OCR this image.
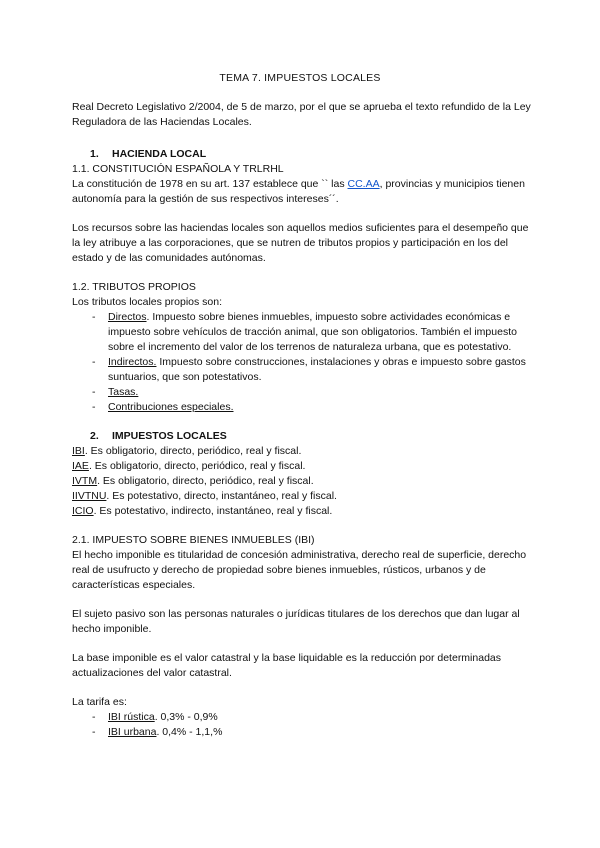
TEMA 7. IMPUESTOS LOCALES

Real Decreto Legislativo 2/2004, de 5 de marzo, por el que se aprueba el texto refundido de la Ley Reguladora de las Haciendas Locales.

1. HACIENDA LOCAL

1.1. CONSTITUCIÓN ESPAÑOLA Y TRLRHL

La constitución de 1978 en su art. 137 establece que `` las CC.AA, provincias y municipios tienen autonomía para la gestión de sus respectivos intereses´´.

Los recursos sobre las haciendas locales son aquellos medios suficientes para el desempeño que la ley atribuye a las corporaciones, que se nutren de tributos propios y participación en los del estado y de las comunidades autónomas.

1.2. TRIBUTOS PROPIOS

Los tributos locales propios son:

- Directos. Impuesto sobre bienes inmuebles, impuesto sobre actividades económicas e impuesto sobre vehículos de tracción animal, que son obligatorios. También el impuesto sobre el incremento del valor de los terrenos de naturaleza urbana, que es potestativo.
- Indirectos. Impuesto sobre construcciones, instalaciones y obras e impuesto sobre gastos suntuarios, que son potestativos.
- Tasas.
- Contribuciones especiales.

2. IMPUESTOS LOCALES

IBI. Es obligatorio, directo, periódico, real y fiscal.

IAE. Es obligatorio, directo, periódico, real y fiscal.

IVTM. Es obligatorio, directo, periódico, real y fiscal.

IIVTNU. Es potestativo, directo, instantáneo, real y fiscal.

ICIO. Es potestativo, indirecto, instantáneo, real y fiscal.

2.1. IMPUESTO SOBRE BIENES INMUEBLES (IBI)

El hecho imponible es titularidad de concesión administrativa, derecho real de superficie, derecho real de usufructo y derecho de propiedad sobre bienes inmuebles, rústicos, urbanos y de características especiales.

El sujeto pasivo son las personas naturales o jurídicas titulares de los derechos que dan lugar al hecho imponible.

La base imponible es el valor catastral y la base liquidable es la reducción por determinadas actualizaciones del valor catastral.

La tarifa es:

- IBI rústica. 0,3% - 0,9%
- IBI urbana. 0,4% - 1,1,%
